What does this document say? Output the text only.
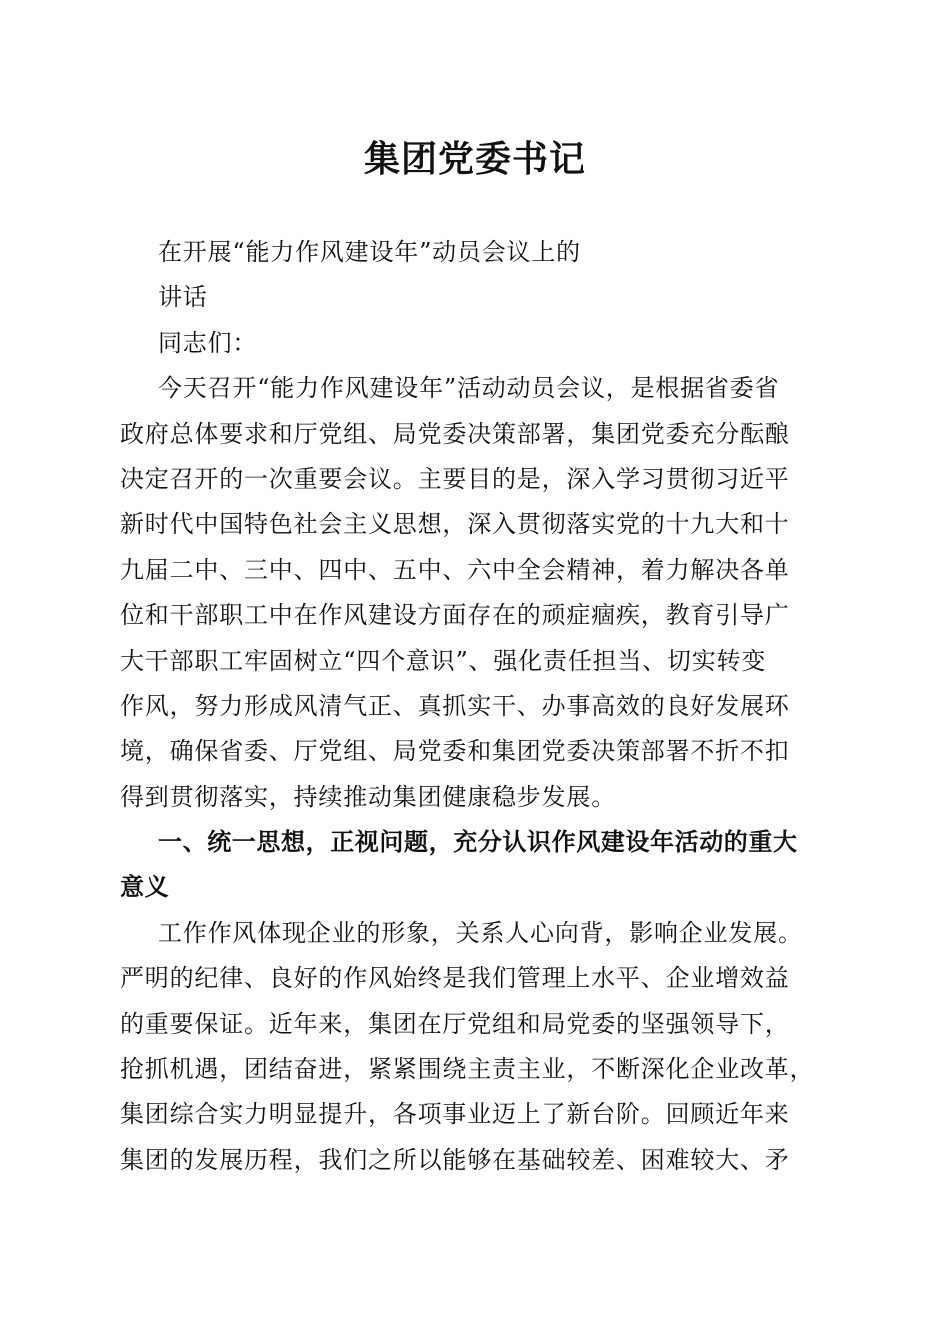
集团党委书记
在开展“能力作风建设年”动员会议上的
讲话
同志们：
今天召开“能力作风建设年”活动动员会议，是根据省委省
政府总体要求和厅党组、局党委决策部署，集团党委充分酝酿
决定召开的一次重要会议。主要目的是，深入学习贯彻习近平
新时代中国特色社会主义思想，深入贯彻落实党的十九大和十
九届二中、三中、四中、五中、六中全会精神，着力解决各单
位和干部职工中在作风建设方面存在的顽症痼疾，教育引导广
大干部职工牢固树立“四个意识”、强化责任担当、切实转变
作风，努力形成风清气正、真抓实干、办事高效的良好发展环
境，确保省委、厅党组、局党委和集团党委决策部署不折不扣
得到贯彻落实，持续推动集团健康稳步发展。
一、统一思想，正视问题，充分认识作风建设年活动的重大
意义
工作作风体现企业的形象，关系人心向背，影响企业发展。
严明的纪律、良好的作风始终是我们管理上水平、企业增效益
的重要保证。近年来，集团在厅党组和局党委的坚强领导下，
抢抓机遇，团结奋进，紧紧围绕主责主业，不断深化企业改革，
集团综合实力明显提升，各项事业迈上了新台阶。回顾近年来
集团的发展历程，我们之所以能够在基础较差、困难较大、矛
